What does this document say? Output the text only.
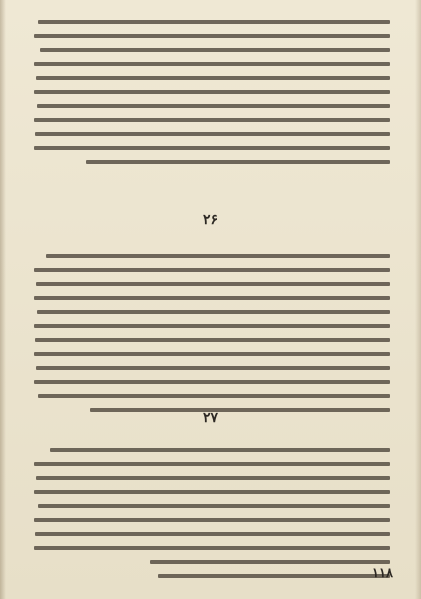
۲۶
۲۷
۱۱۸
